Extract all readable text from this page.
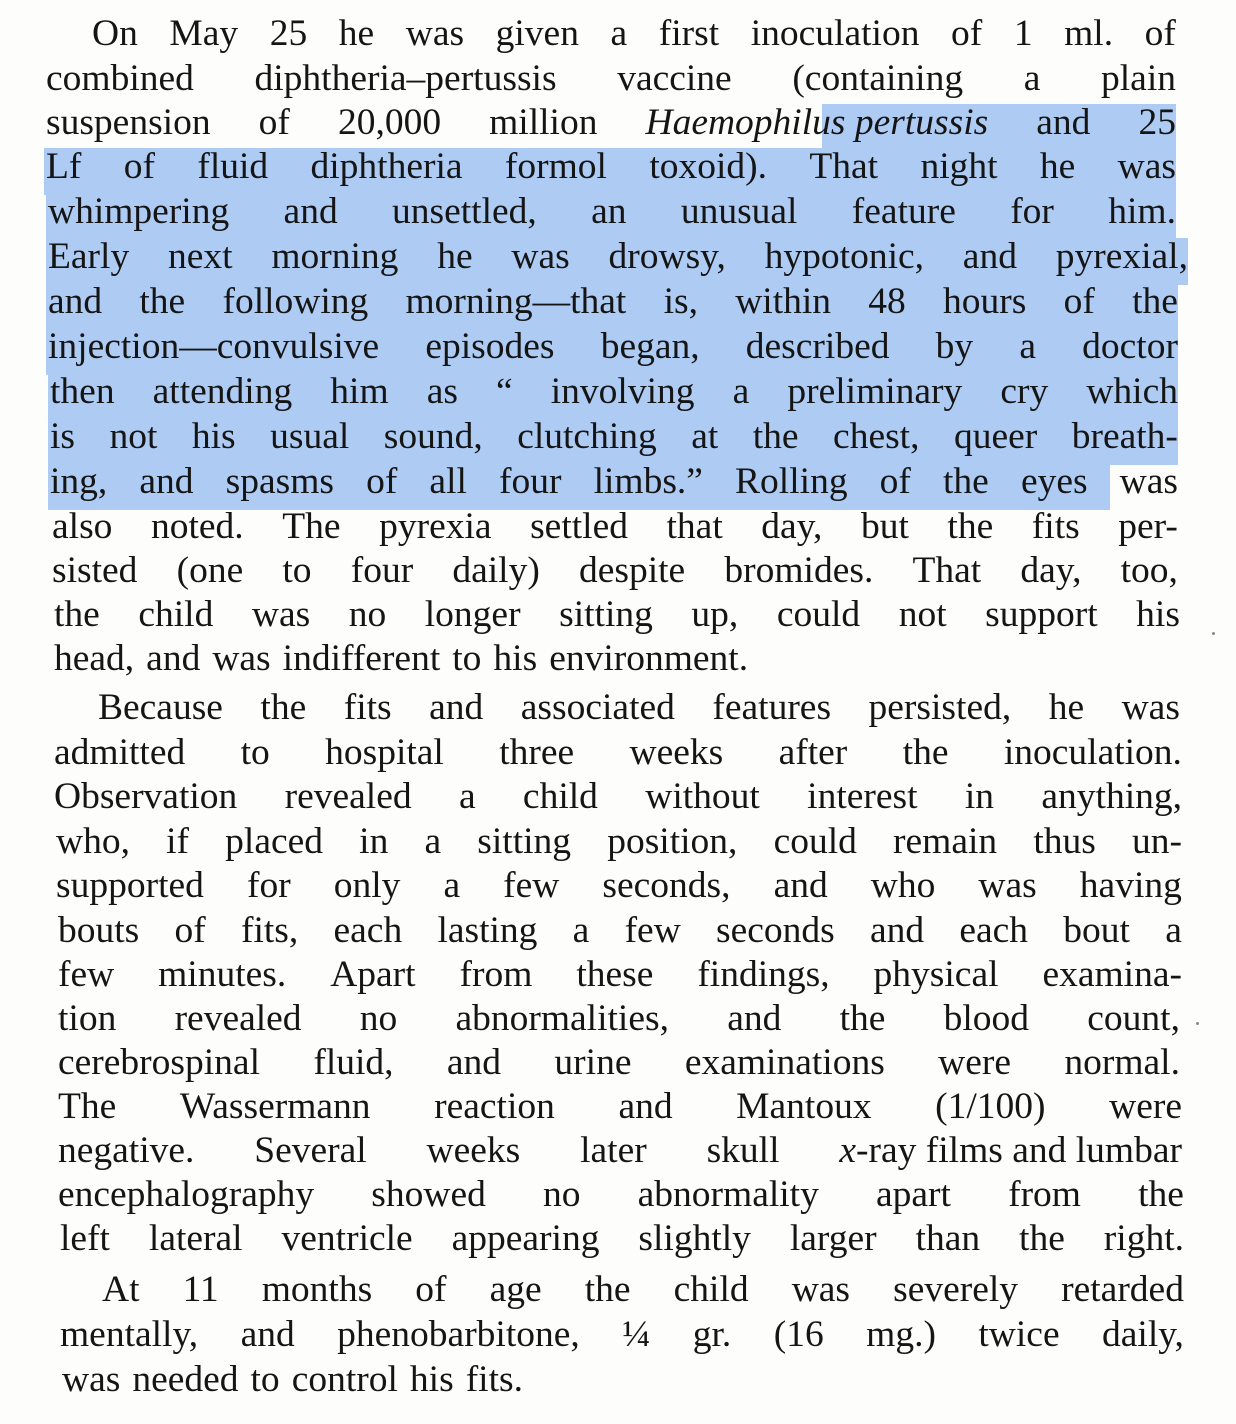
On May 25 he was given a first inoculation of 1 ml. of
combined diphtheria–pertussis vaccine (containing a plain
suspension of 20,000 million Haemophilus pertussis and 25
Lf of fluid diphtheria formol toxoid). That night he was
whimpering and unsettled, an unusual feature for him.
Early next morning he was drowsy, hypotonic, and pyrexial,
and the following morning—that is, within 48 hours of the
injection—convulsive episodes began, described by a doctor
then attending him as “ involving a preliminary cry which
is not his usual sound, clutching at the chest, queer breath-
ing, and spasms of all four limbs.” Rolling of the eyes was
also noted. The pyrexia settled that day, but the fits per-
sisted (one to four daily) despite bromides. That day, too,
the child was no longer sitting up, could not support his
head, and was indifferent to his environment.
Because the fits and associated features persisted, he was
admitted to hospital three weeks after the inoculation.
Observation revealed a child without interest in anything,
who, if placed in a sitting position, could remain thus un-
supported for only a few seconds, and who was having
bouts of fits, each lasting a few seconds and each bout a
few minutes. Apart from these findings, physical examina-
tion revealed no abnormalities, and the blood count,
cerebrospinal fluid, and urine examinations were normal.
The Wassermann reaction and Mantoux (1/100) were
negative. Several weeks later skull x-ray films and lumbar
encephalography showed no abnormality apart from the
left lateral ventricle appearing slightly larger than the right.
At 11 months of age the child was severely retarded
mentally, and phenobarbitone, ¼ gr. (16 mg.) twice daily,
was needed to control his fits.
